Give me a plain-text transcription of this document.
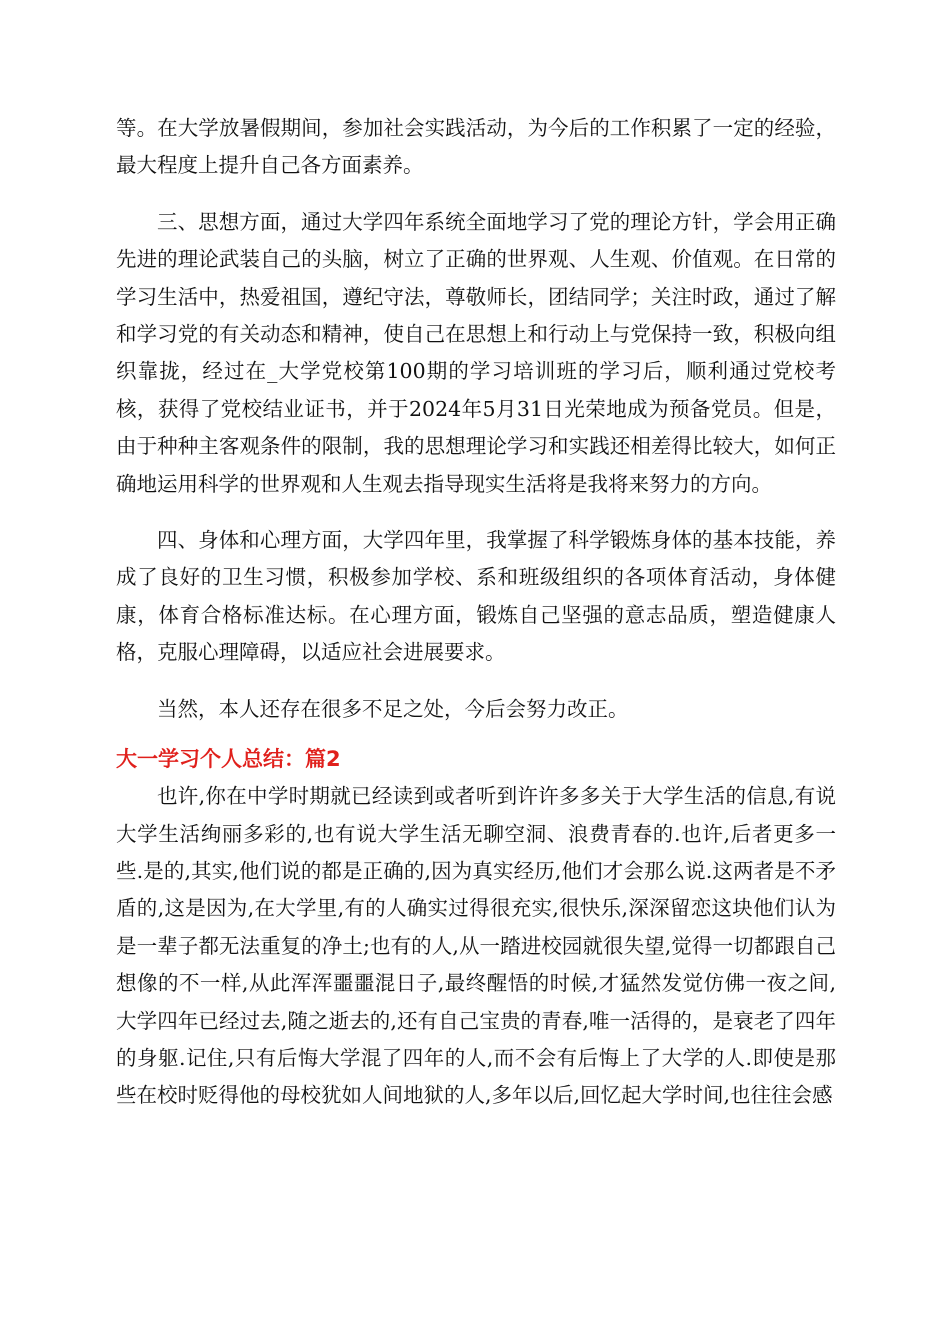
等。在大学放暑假期间，参加社会实践活动，为今后的工作积累了一定的经验，最大程度上提升自己各方面素养。

三、思想方面，通过大学四年系统全面地学习了党的理论方针，学会用正确先进的理论武装自己的头脑，树立了正确的世界观、人生观、价值观。在日常的学习生活中，热爱祖国，遵纪守法，尊敬师长，团结同学；关注时政，通过了解和学习党的有关动态和精神，使自己在思想上和行动上与党保持一致，积极向组织靠拢，经过在_大学党校第100期的学习培训班的学习后，顺利通过党校考核，获得了党校结业证书，并于2024年5月31日光荣地成为预备党员。但是，由于种种主客观条件的限制，我的思想理论学习和实践还相差得比较大，如何正确地运用科学的世界观和人生观去指导现实生活将是我将来努力的方向。

四、身体和心理方面，大学四年里，我掌握了科学锻炼身体的基本技能，养成了良好的卫生习惯，积极参加学校、系和班级组织的各项体育活动，身体健康，体育合格标准达标。在心理方面，锻炼自己坚强的意志品质，塑造健康人格，克服心理障碍，以适应社会进展要求。

当然，本人还存在很多不足之处，今后会努力改正。

大一学习个人总结：篇2

也许,你在中学时期就已经读到或者听到许许多多关于大学生活的信息,有说大学生活绚丽多彩的,也有说大学生活无聊空洞、浪费青春的.也许,后者更多一些.是的,其实,他们说的都是正确的,因为真实经历,他们才会那么说.这两者是不矛盾的,这是因为,在大学里,有的人确实过得很充实,很快乐,深深留恋这块他们认为是一辈子都无法重复的净土;也有的人,从一踏进校园就很失望,觉得一切都跟自己想像的不一样,从此浑浑噩噩混日子,最终醒悟的时候,才猛然发觉仿佛一夜之间,大学四年已经过去,随之逝去的,还有自己宝贵的青春,唯一活得的，是衰老了四年的身躯.记住,只有后悔大学混了四年的人,而不会有后悔上了大学的人.即使是那些在校时贬得他的母校犹如人间地狱的人,多年以后,回忆起大学时间,也往往会感
